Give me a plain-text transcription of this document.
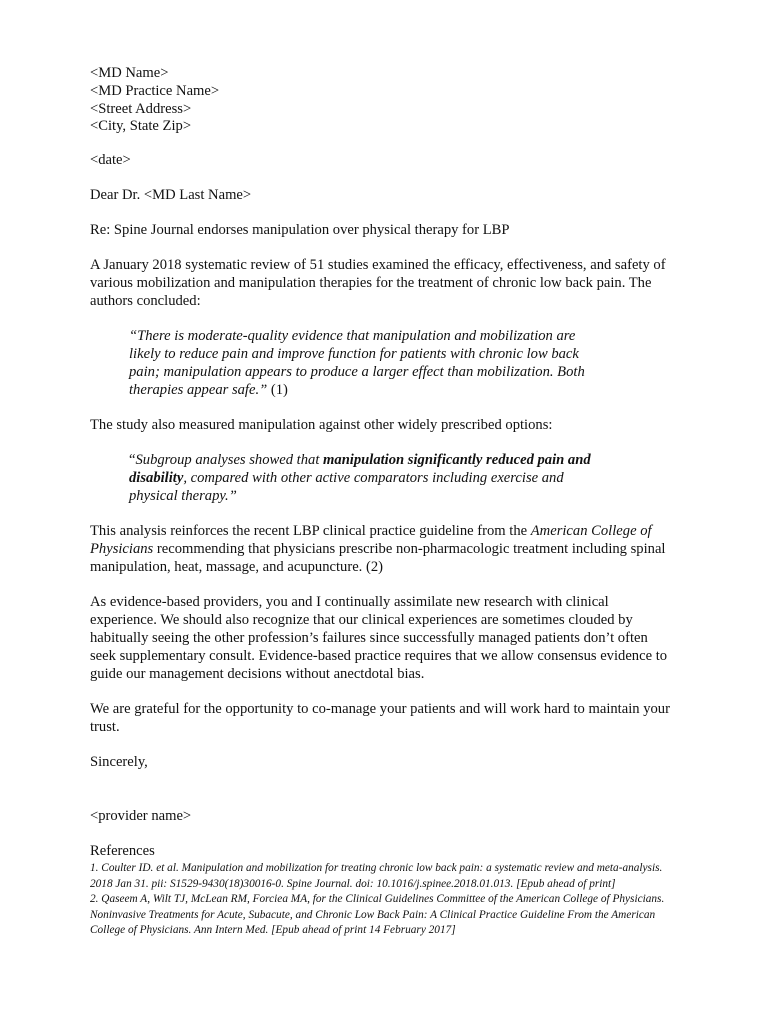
<MD Name>

<MD Practice Name>

<Street Address>

<City, State Zip>

<date>

Dear Dr. <MD Last Name>

Re: Spine Journal endorses manipulation over physical therapy for LBP

A January 2018 systematic review of 51 studies examined the efficacy, effectiveness, and safety of various mobilization and manipulation therapies for the treatment of chronic low back pain. The authors concluded:

“There is moderate-quality evidence that manipulation and mobilization are likely to reduce pain and improve function for patients with chronic low back pain; manipulation appears to produce a larger effect than mobilization. Both therapies appear safe.” (1)

The study also measured manipulation against other widely prescribed options:

“Subgroup analyses showed that manipulation significantly reduced pain and disability, compared with other active comparators including exercise and physical therapy.”

This analysis reinforces the recent LBP clinical practice guideline from the American College of Physicians recommending that physicians prescribe non-pharmacologic treatment including spinal manipulation, heat, massage, and acupuncture. (2)

As evidence-based providers, you and I continually assimilate new research with clinical experience. We should also recognize that our clinical experiences are sometimes clouded by habitually seeing the other profession’s failures since successfully managed patients don’t often seek supplementary consult. Evidence-based practice requires that we allow consensus evidence to guide our management decisions without anectdotal bias.

We are grateful for the opportunity to co-manage your patients and will work hard to maintain your trust.

Sincerely,

<provider name>

References

1. Coulter ID. et al. Manipulation and mobilization for treating chronic low back pain: a systematic review and meta-analysis. 2018 Jan 31. pii: S1529-9430(18)30016-0. Spine Journal. doi: 10.1016/j.spinee.2018.01.013. [Epub ahead of print]

2. Qaseem A, Wilt TJ, McLean RM, Forciea MA, for the Clinical Guidelines Committee of the American College of Physicians. Noninvasive Treatments for Acute, Subacute, and Chronic Low Back Pain: A Clinical Practice Guideline From the American College of Physicians. Ann Intern Med. [Epub ahead of print 14 February 2017]
